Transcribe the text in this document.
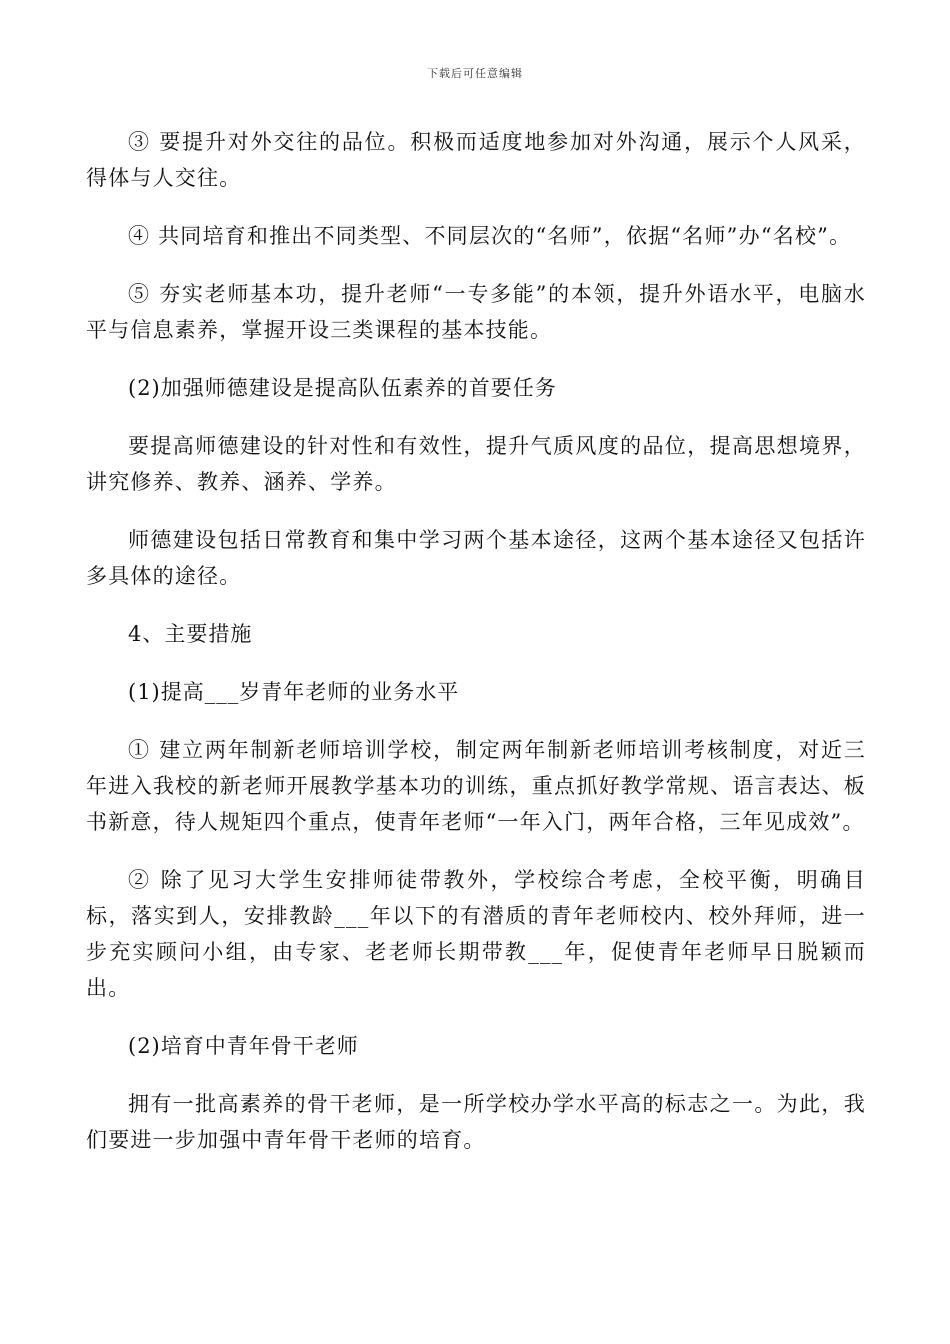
下载后可任意编辑

③ 要提升对外交往的品位。积极而适度地参加对外沟通，展示个人风采，得体与人交往。

④ 共同培育和推出不同类型、不同层次的“名师”，依据“名师”办“名校”。

⑤ 夯实老师基本功，提升老师“一专多能”的本领，提升外语水平，电脑水平与信息素养，掌握开设三类课程的基本技能。

(2)加强师德建设是提高队伍素养的首要任务

要提高师德建设的针对性和有效性，提升气质风度的品位，提高思想境界，讲究修养、教养、涵养、学养。

师德建设包括日常教育和集中学习两个基本途径，这两个基本途径又包括许多具体的途径。

4、主要措施

(1)提高___岁青年老师的业务水平

① 建立两年制新老师培训学校，制定两年制新老师培训考核制度，对近三年进入我校的新老师开展教学基本功的训练，重点抓好教学常规、语言表达、板书新意，待人规矩四个重点，使青年老师“一年入门，两年合格，三年见成效”。

② 除了见习大学生安排师徒带教外，学校综合考虑，全校平衡，明确目标，落实到人，安排教龄___年以下的有潜质的青年老师校内、校外拜师，进一步充实顾问小组，由专家、老老师长期带教___年，促使青年老师早日脱颖而出。

(2)培育中青年骨干老师

拥有一批高素养的骨干老师，是一所学校办学水平高的标志之一。为此，我们要进一步加强中青年骨干老师的培育。
